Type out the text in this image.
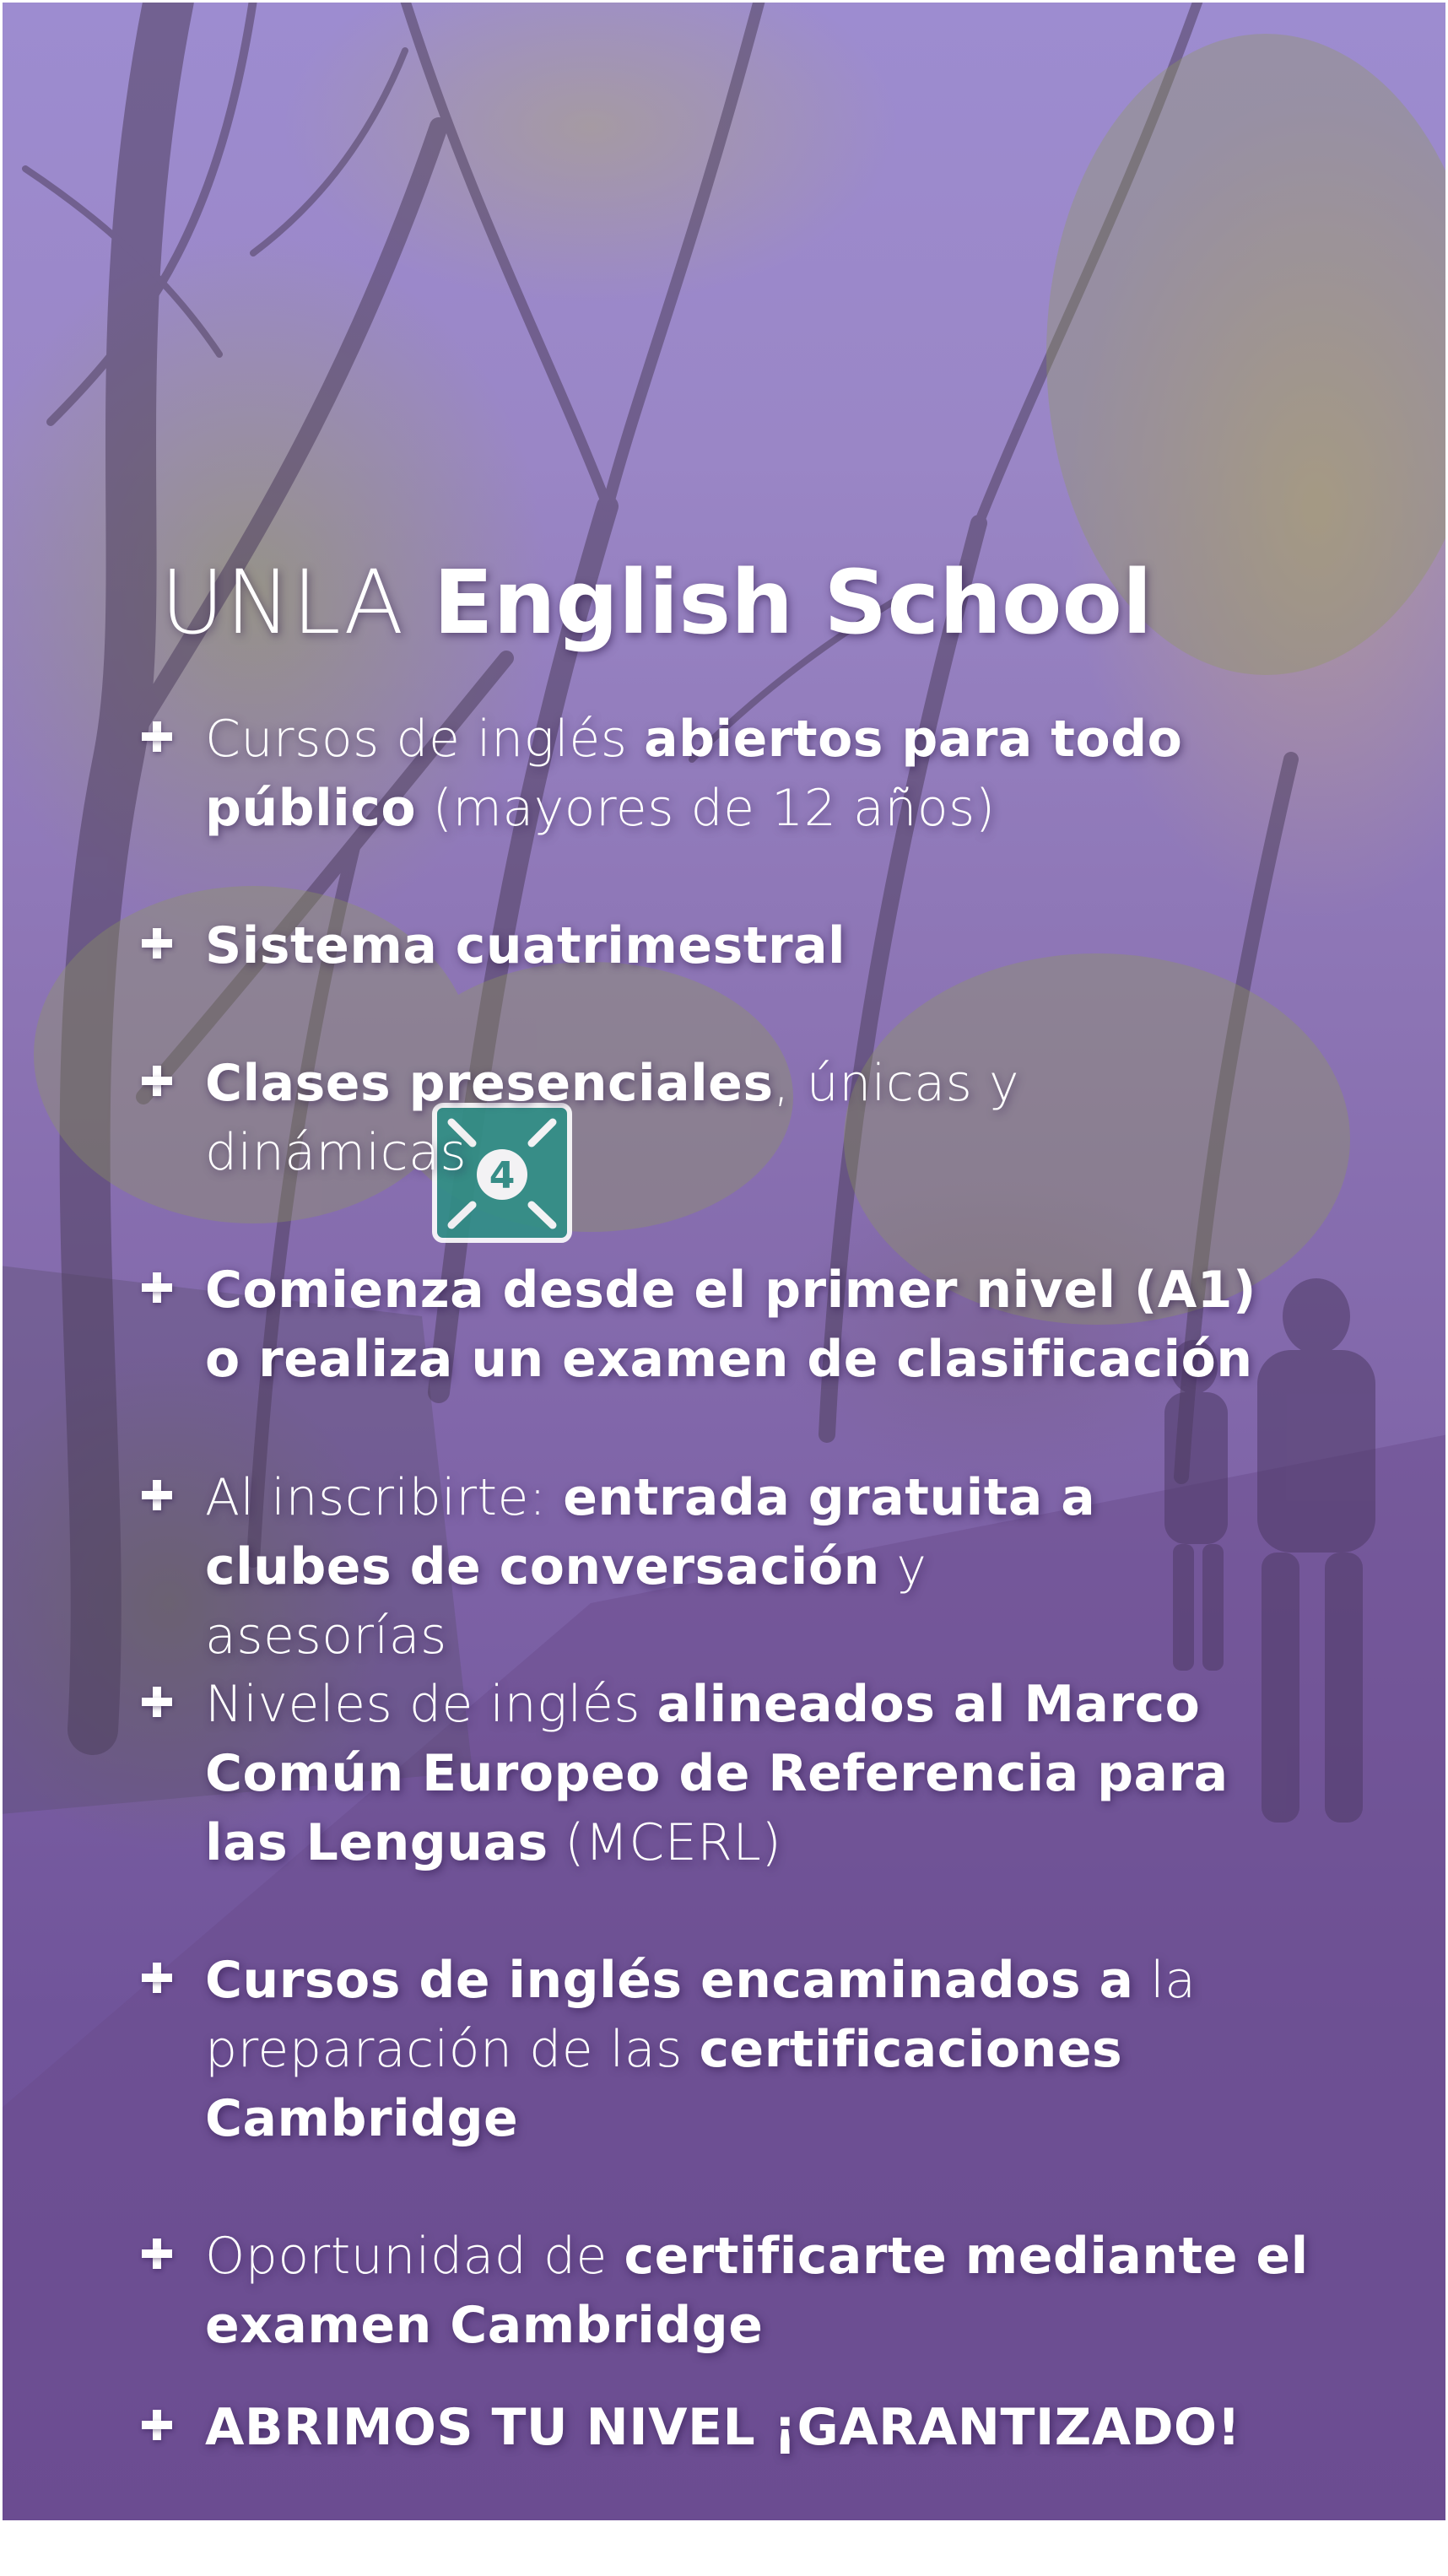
4
UNLA English School
Cursos de inglés abiertos para todo público (mayores de 12 años)
Sistema cuatrimestral
Clases presenciales, únicas y dinámicas
Comienza desde el primer nivel (A1) o realiza un examen de clasificación
Al inscribirte: entrada gratuita a clubes de conversación y asesorías
Niveles de inglés alineados al Marco Común Europeo de Referencia para las Lenguas (MCERL)
Cursos de inglés encaminados a la preparación de las certificaciones Cambridge
Oportunidad de certificarte mediante el examen Cambridge
ABRIMOS TU NIVEL ¡GARANTIZADO!
